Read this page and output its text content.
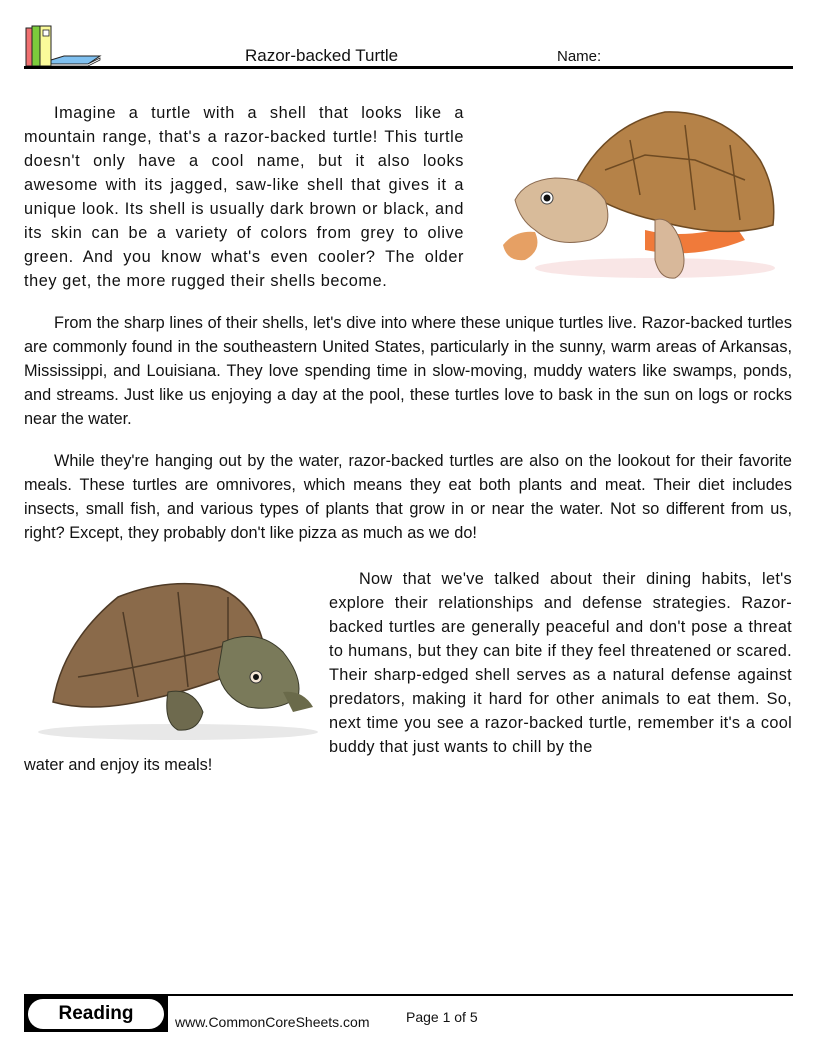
Razor-backed Turtle	Name:

Imagine a turtle with a shell that looks like a mountain range, that's a razor-backed turtle! This turtle doesn't only have a cool name, but it also looks awesome with its jagged, saw-like shell that gives it a unique look. Its shell is usually dark brown or black, and its skin can be a variety of colors from grey to olive green. And you know what's even cooler? The older they get, the more rugged their shells become.

From the sharp lines of their shells, let's dive into where these unique turtles live. Razor-backed turtles are commonly found in the southeastern United States, particularly in the sunny, warm areas of Arkansas, Mississippi, and Louisiana. They love spending time in slow-moving, muddy waters like swamps, ponds, and streams. Just like us enjoying a day at the pool, these turtles love to bask in the sun on logs or rocks near the water.

While they're hanging out by the water, razor-backed turtles are also on the lookout for their favorite meals. These turtles are omnivores, which means they eat both plants and meat. Their diet includes insects, small fish, and various types of plants that grow in or near the water. Not so different from us, right? Except, they probably don't like pizza as much as we do!

Now that we've talked about their dining habits, let's explore their relationships and defense strategies. Razor-backed turtles are generally peaceful and don't pose a threat to humans, but they can bite if they feel threatened or scared. Their sharp-edged shell serves as a natural defense against predators, making it hard for other animals to eat them. So, next time you see a razor-backed turtle, remember it's a cool buddy that just wants to chill by the

water and enjoy its meals!
Reading	www.CommonCoreSheets.com	Page 1 of 5
